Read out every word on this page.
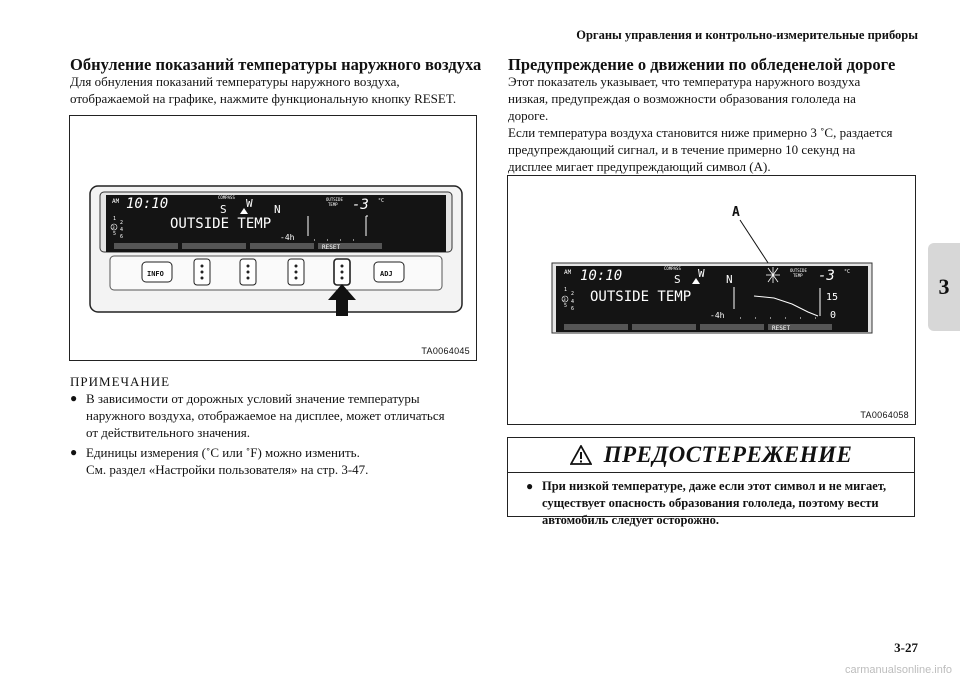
Органы управления и контрольно-измерительные приборы
Обнуление показаний температуры наружного воздуха
Для обнуления показаний температуры наружного воздуха,
отображаемой на графике, нажмите функциональную кнопку RESET.
AM 10:10	COMPASS
S W N
OUTSIDE
TEMP -3 °C
1
2
3 4
5 6
OUTSIDE TEMP
-4h
RESET
INFO	ADJ
TA0064045
ПРИМЕЧАНИЕ
● В зависимости от дорожных условий значение температуры
наружного воздуха, отображаемое на дисплее, может отличаться
от действительного значения.
● Единицы измерения (˚C или ˚F) можно изменить.
См. раздел «Настройки пользователя» на стр. 3-47.
Предупреждение о движении по обледенелой дороге
Этот показатель указывает, что температура наружного воздуха
низкая, предупреждая о возможности образования гололеда на
дороге.
Если температура воздуха становится ниже примерно 3 ˚C, раздается
предупреждающий сигнал, и в течение примерно 10 секунд на
дисплее мигает предупреждающий символ (A).
A
AM 10:10	COMPASS
S W N
OUTSIDE
TEMP -3 °C
1
2
3 4
5 6
OUTSIDE TEMP	15
0
-4h
RESET
TA0064058
ПРЕДОСТЕРЕЖЕНИЕ
● При низкой температуре, даже если этот символ и не мигает,
существует опасность образования гололеда, поэтому вести
автомобиль следует осторожно.
3
3-27
carmanualsonline.info
